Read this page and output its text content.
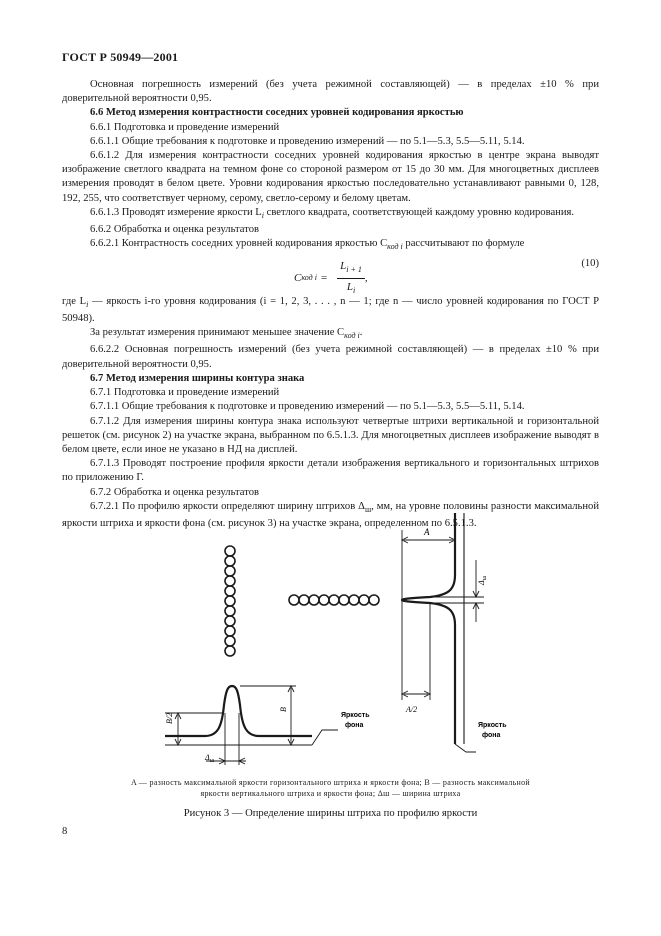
ГОСТ Р 50949—2001

Основная погрешность измерений (без учета режимной составляющей) — в пределах ±10 % при доверительной вероятности 0,95.

6.6 Метод измерения контрастности соседних уровней кодирования яркостью

6.6.1 Подготовка и проведение измерений

6.6.1.1 Общие требования к подготовке и проведению измерений — по 5.1—5.3, 5.5—5.11, 5.14.

6.6.1.2 Для измерения контрастности соседних уровней кодирования яркостью в центре экрана выводят изображение светлого квадрата на темном фоне со стороной размером от 15 до 30 мм. Для многоцветных дисплеев измерения проводят в белом цвете. Уровни кодирования яркостью последовательно устанавливают равными 0, 128, 192, 255, что соответствует черному, серому, светло-серому и белому цветам.

6.6.1.3 Проводят измерение яркости $L_i$ светлого квадрата, соответствующей каждому уровню кодирования.

6.6.2 Обработка и оценка результатов

6.6.2.1 Контрастность соседних уровней кодирования яркостью $C_{код i}$ рассчитывают по формуле

C код $i = \frac{L_{i + 1}}{L_i}$ ,
(10)

где $L_i$ — яркость i-го уровня кодирования (i = 1, 2, 3, . . . , n — 1; где n — число уровней кодирования по ГОСТ Р 50948).

За результат измерения принимают меньшее значение $C_{код i}$.

6.6.2.2 Основная погрешность измерений (без учета режимной составляющей) — в пределах ±10 % при доверительной вероятности 0,95.

6.7 Метод измерения ширины контура знака

6.7.1 Подготовка и проведение измерений

6.7.1.1 Общие требования к подготовке и проведению измерений — по 5.1—5.3, 5.5—5.11, 5.14.

6.7.1.2 Для измерения ширины контура знака используют четвертые штрихи вертикальной и горизонтальной решеток (см. рисунок 2) на участке экрана, выбранном по 6.5.1.3. Для многоцветных дисплеев изображение выводят в белом цвете, если иное не указано в НД на дисплей.

6.7.1.3 Проводят построение профиля яркости детали изображения вертикального и горизонтальных штрихов по приложению Г.

6.7.2 Обработка и оценка результатов

6.7.2.1 По профилю яркости определяют ширину штрихов $\Delta_ш$, мм, на уровне половины разности максимальной яркости штриха и яркости фона (см. рисунок 3) на участке экрана, определенном по 6.5.1.3.

B/2
B
$\Delta_ш$
Яркость
фона
A
A/2
$\Delta_ш$
Яркость
фона
A — разность максимальной яркости горизонтального штриха и яркости фона; B — разность максимальной яркости вертикального штриха и яркости фона; Δш — ширина штриха
Рисунок 3 — Определение ширины штриха по профилю яркости
8
